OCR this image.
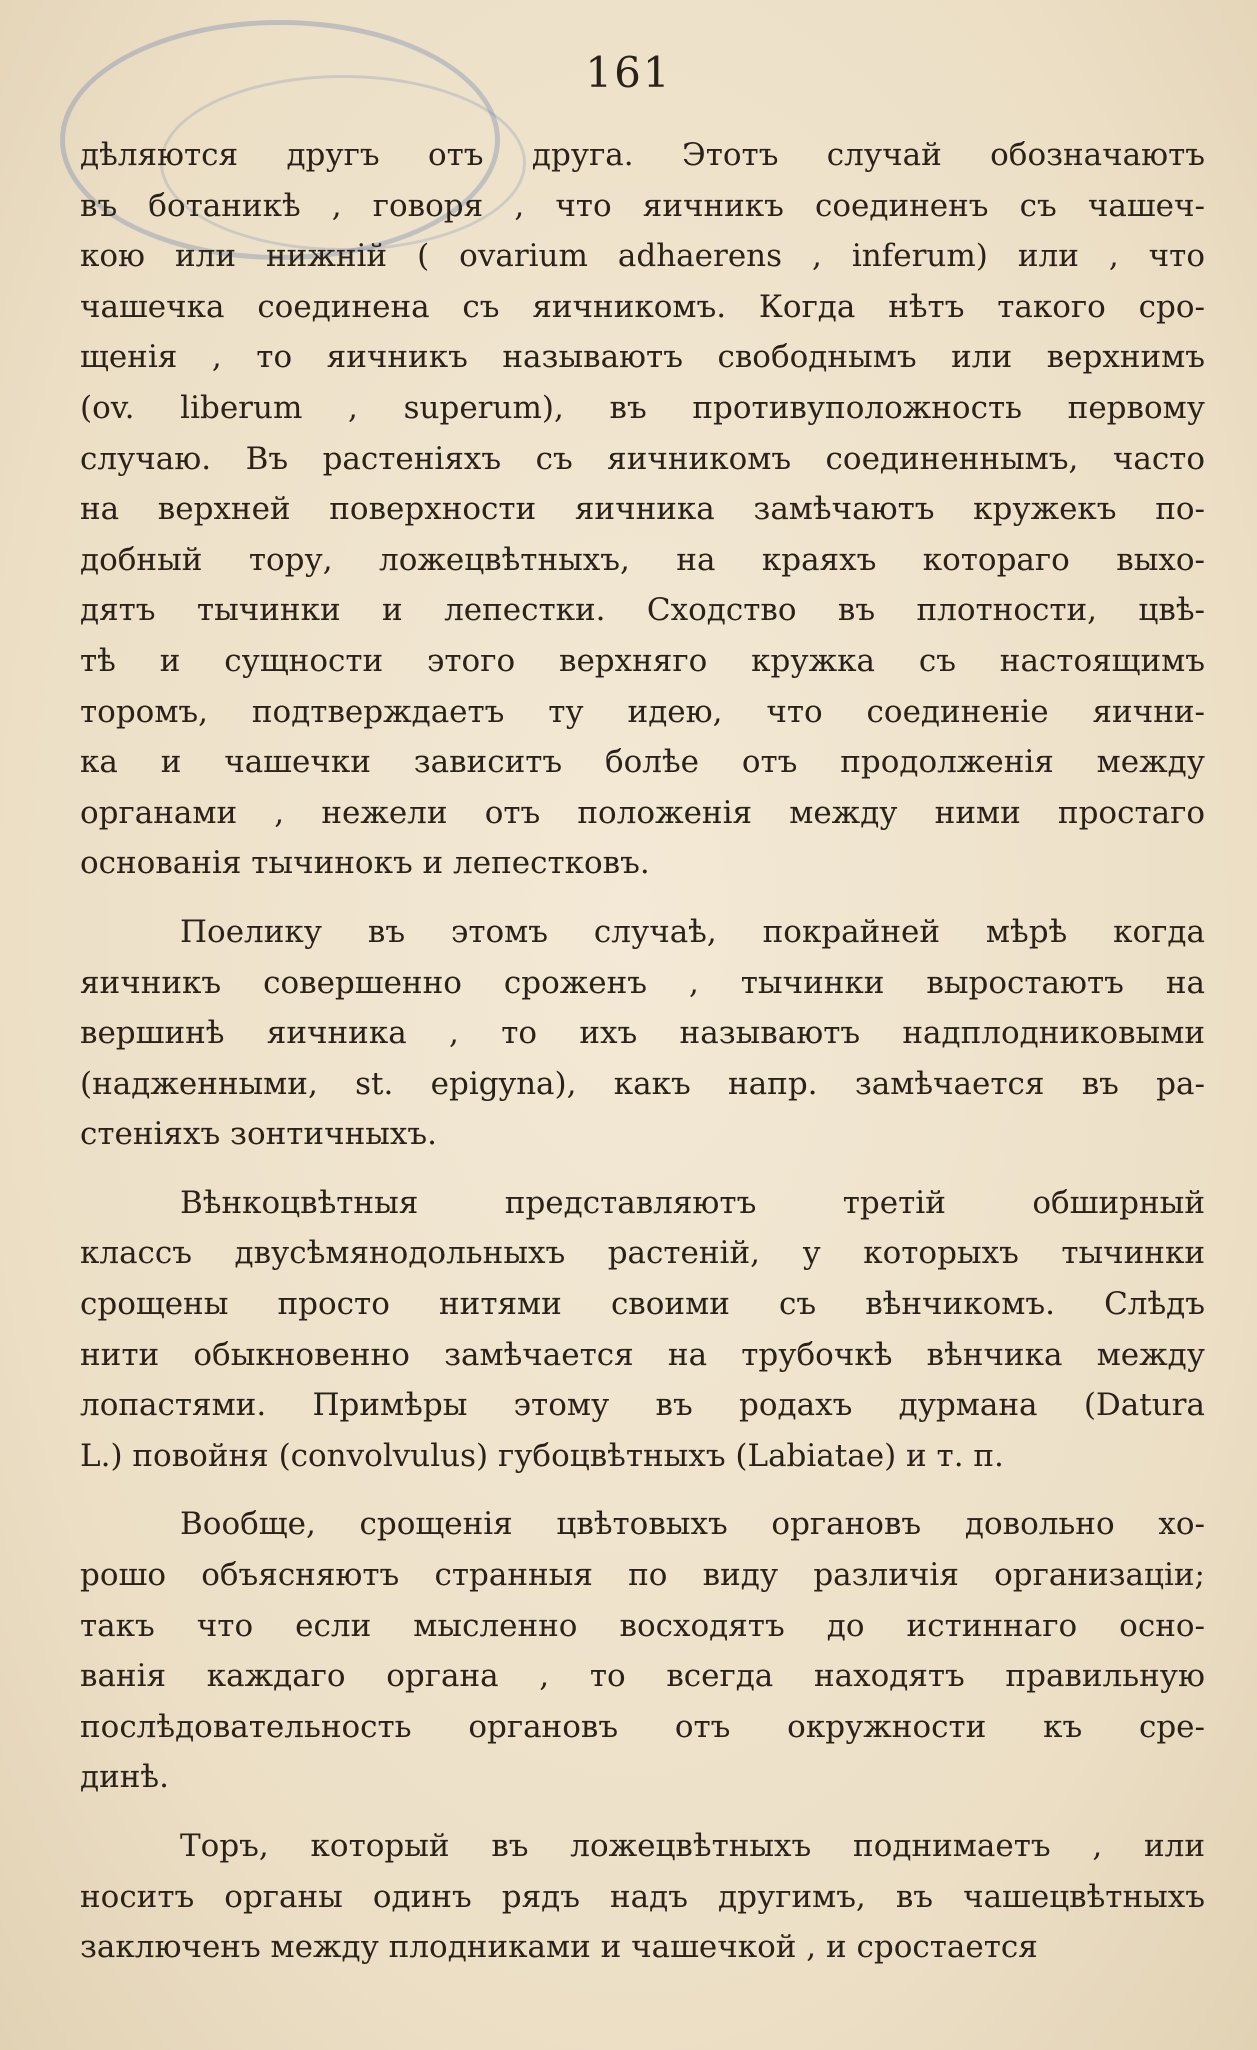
161
дѣляются другъ отъ друга. Этотъ случай обозначаютъ
въ ботаникѣ , говоря , что яичникъ соединенъ съ чашеч-
кою или нижній ( ovarium adhaerens , inferum) или , что
чашечка соединена съ яичникомъ. Когда нѣтъ такого сро-
щенія , то яичникъ называютъ свободнымъ или верхнимъ
(ov. liberum , superum), въ противуположность первому
случаю. Въ растеніяхъ съ яичникомъ соединеннымъ, часто
на верхней поверхности яичника замѣчаютъ кружекъ по-
добный тору, ложецвѣтныхъ, на краяхъ котораго выхо-
дятъ тычинки и лепестки. Сходство въ плотности, цвѣ-
тѣ и сущности этого верхняго кружка съ настоящимъ
торомъ, подтверждаетъ ту идею, что соединеніе яични-
ка и чашечки зависитъ болѣе отъ продолженія между
органами , нежели отъ положенія между ними простаго
основанія тычинокъ и лепестковъ.
Поелику въ этомъ случаѣ, покрайней мѣрѣ когда
яичникъ совершенно сроженъ , тычинки выростаютъ на
вершинѣ яичника , то ихъ называютъ надплодниковыми
(надженными, st. epigyna), какъ напр. замѣчается въ ра-
стеніяхъ зонтичныхъ.
Вѣнкоцвѣтныя представляютъ третій обширный
классъ двусѣмянодольныхъ растеній, у которыхъ тычинки
срощены просто нитями своими съ вѣнчикомъ. Слѣдъ
нити обыкновенно замѣчается на трубочкѣ вѣнчика между
лопастями. Примѣры этому въ родахъ дурмана (Datura
L.) повойня (convolvulus) губоцвѣтныхъ (Labiatae) и т. п.
Вообще, срощенія цвѣтовыхъ органовъ довольно хо-
рошо объясняютъ странныя по виду различія организаціи;
такъ что если мысленно восходятъ до истиннаго осно-
ванія каждаго органа , то всегда находятъ правильную
послѣдовательность органовъ отъ окружности къ сре-
динѣ.
Торъ, который въ ложецвѣтныхъ поднимаетъ , или
носитъ органы одинъ рядъ надъ другимъ, въ чашецвѣтныхъ
заключенъ между плодниками и чашечкой , и сростается
